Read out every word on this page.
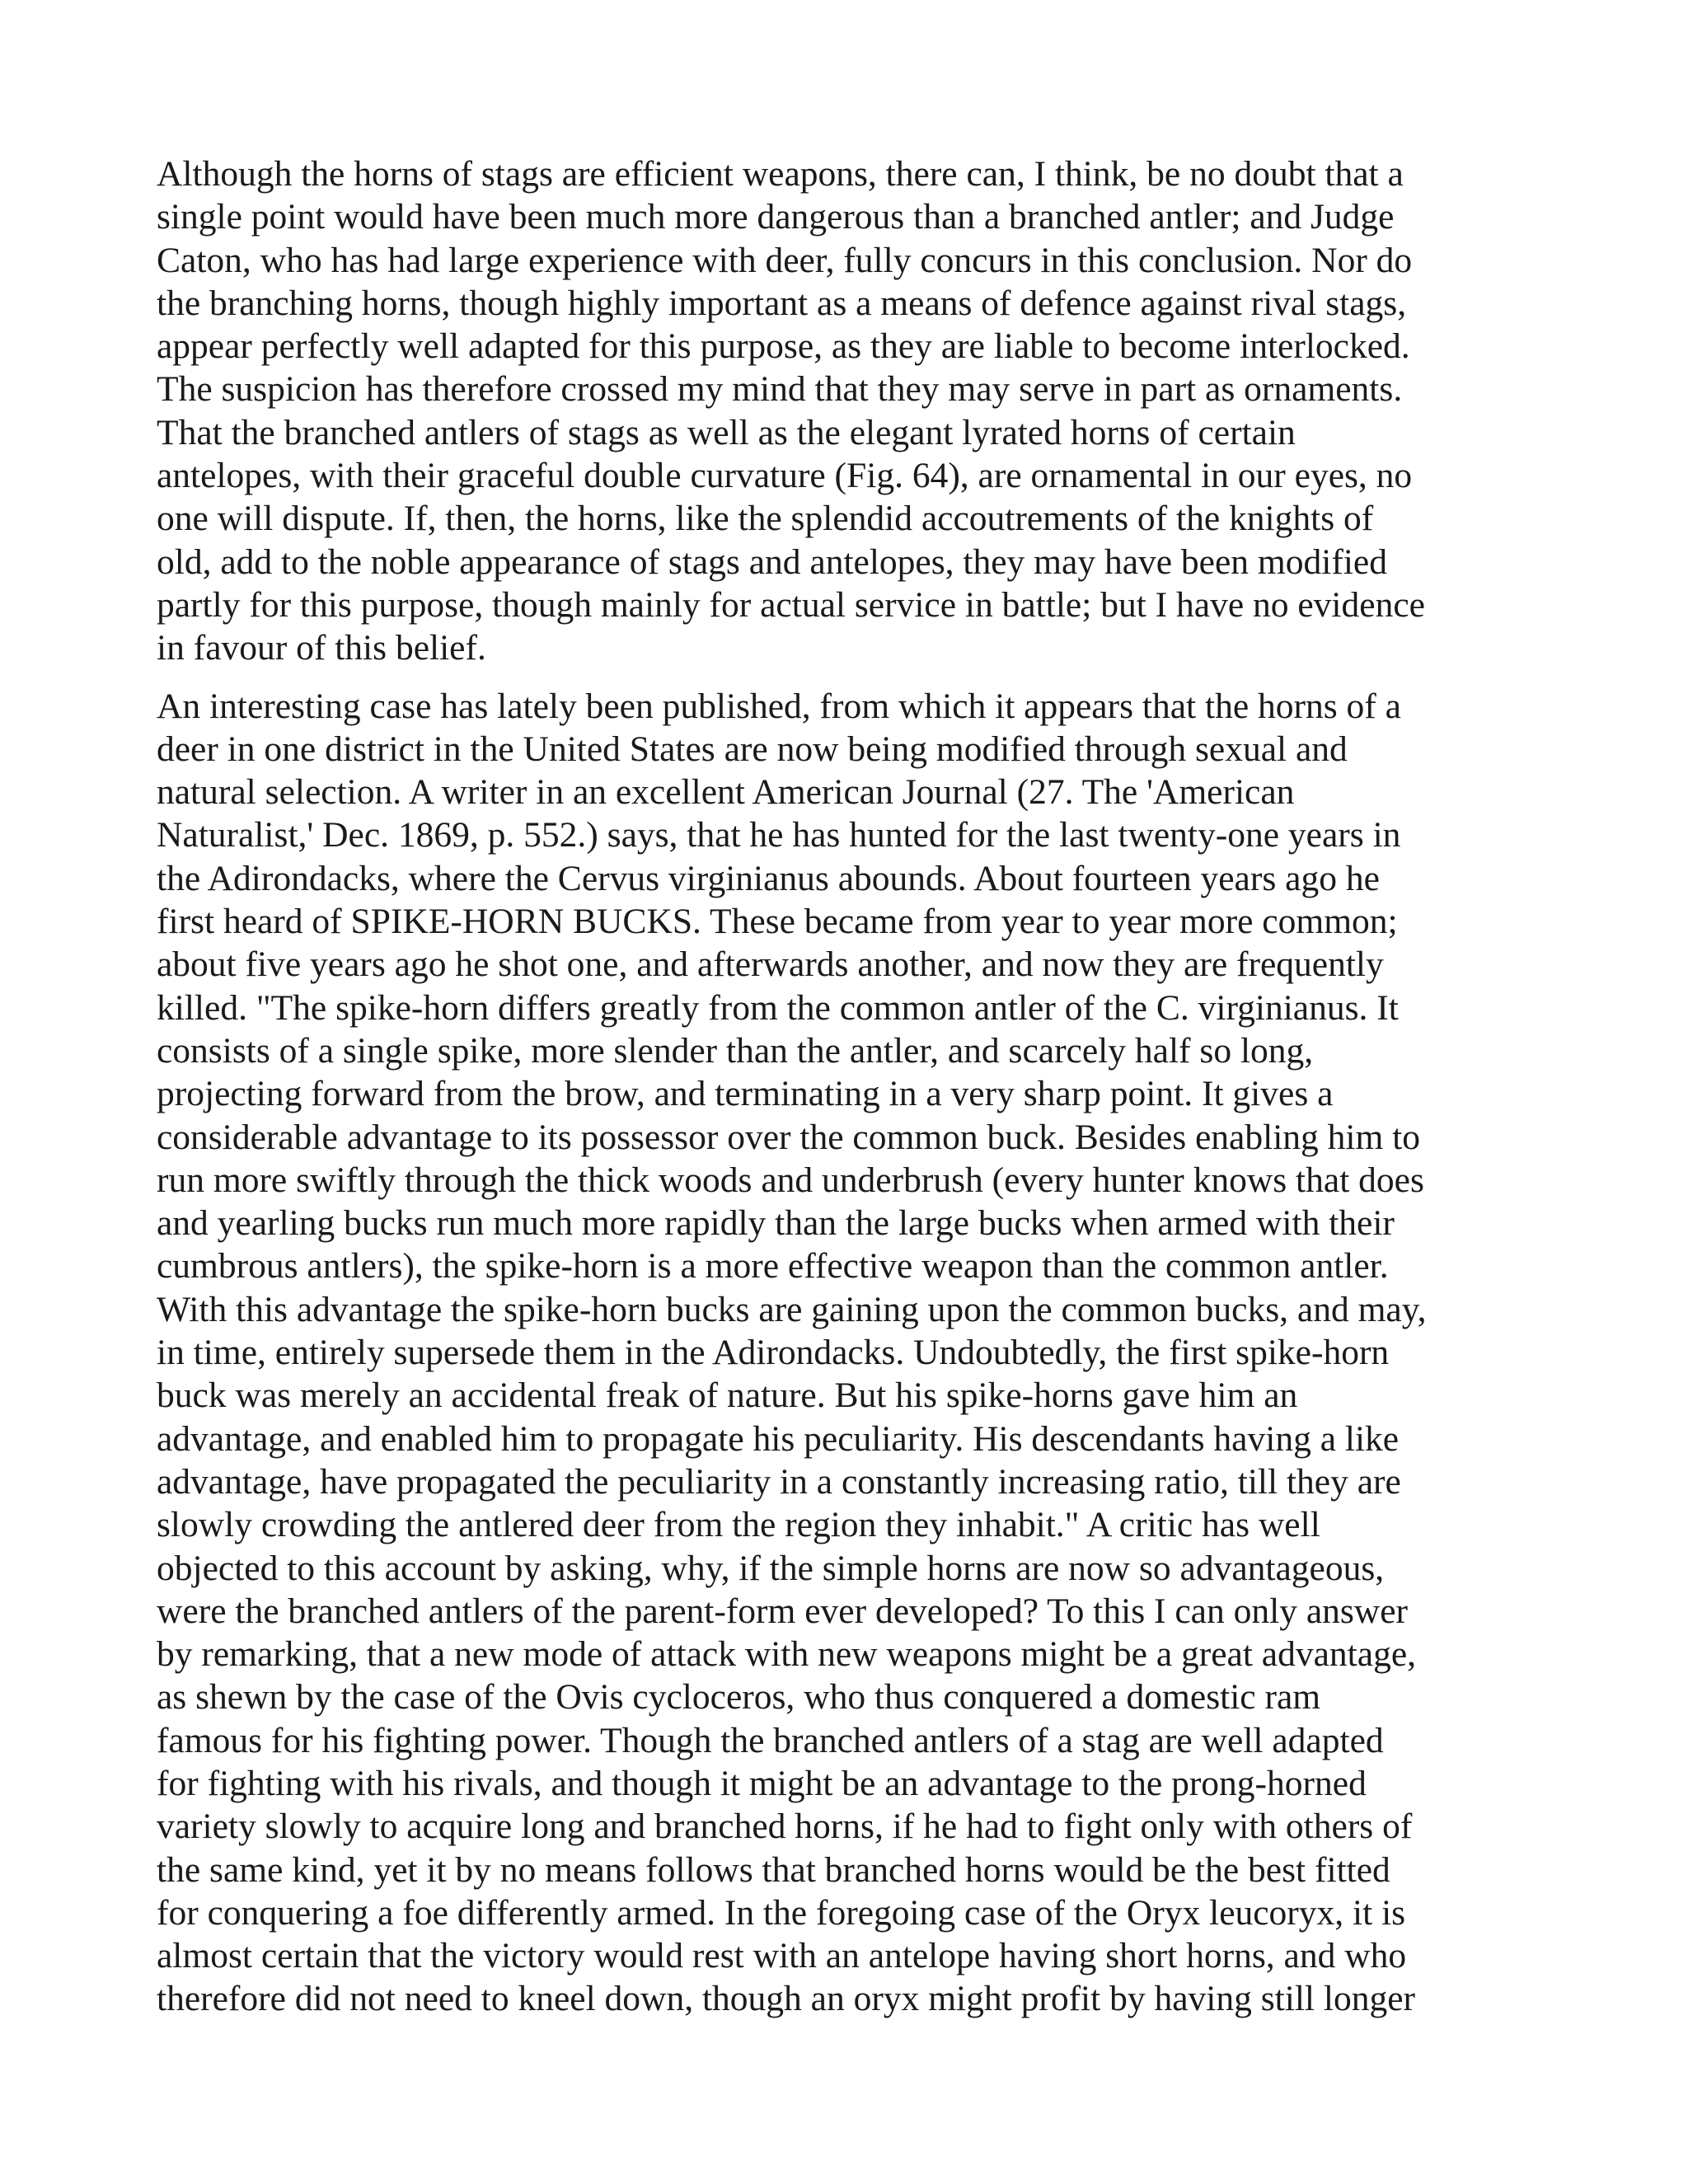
Although the horns of stags are efficient weapons, there can, I think, be no doubt that a
single point would have been much more dangerous than a branched antler; and Judge
Caton, who has had large experience with deer, fully concurs in this conclusion. Nor do
the branching horns, though highly important as a means of defence against rival stags,
appear perfectly well adapted for this purpose, as they are liable to become interlocked.
The suspicion has therefore crossed my mind that they may serve in part as ornaments.
That the branched antlers of stags as well as the elegant lyrated horns of certain
antelopes, with their graceful double curvature (Fig. 64), are ornamental in our eyes, no
one will dispute. If, then, the horns, like the splendid accoutrements of the knights of
old, add to the noble appearance of stags and antelopes, they may have been modified
partly for this purpose, though mainly for actual service in battle; but I have no evidence
in favour of this belief.

An interesting case has lately been published, from which it appears that the horns of a
deer in one district in the United States are now being modified through sexual and
natural selection. A writer in an excellent American Journal (27. The 'American
Naturalist,' Dec. 1869, p. 552.) says, that he has hunted for the last twenty-one years in
the Adirondacks, where the Cervus virginianus abounds. About fourteen years ago he
first heard of SPIKE-HORN BUCKS. These became from year to year more common;
about five years ago he shot one, and afterwards another, and now they are frequently
killed. "The spike-horn differs greatly from the common antler of the C. virginianus. It
consists of a single spike, more slender than the antler, and scarcely half so long,
projecting forward from the brow, and terminating in a very sharp point. It gives a
considerable advantage to its possessor over the common buck. Besides enabling him to
run more swiftly through the thick woods and underbrush (every hunter knows that does
and yearling bucks run much more rapidly than the large bucks when armed with their
cumbrous antlers), the spike-horn is a more effective weapon than the common antler.
With this advantage the spike-horn bucks are gaining upon the common bucks, and may,
in time, entirely supersede them in the Adirondacks. Undoubtedly, the first spike-horn
buck was merely an accidental freak of nature. But his spike-horns gave him an
advantage, and enabled him to propagate his peculiarity. His descendants having a like
advantage, have propagated the peculiarity in a constantly increasing ratio, till they are
slowly crowding the antlered deer from the region they inhabit." A critic has well
objected to this account by asking, why, if the simple horns are now so advantageous,
were the branched antlers of the parent-form ever developed? To this I can only answer
by remarking, that a new mode of attack with new weapons might be a great advantage,
as shewn by the case of the Ovis cycloceros, who thus conquered a domestic ram
famous for his fighting power. Though the branched antlers of a stag are well adapted
for fighting with his rivals, and though it might be an advantage to the prong-horned
variety slowly to acquire long and branched horns, if he had to fight only with others of
the same kind, yet it by no means follows that branched horns would be the best fitted
for conquering a foe differently armed. In the foregoing case of the Oryx leucoryx, it is
almost certain that the victory would rest with an antelope having short horns, and who
therefore did not need to kneel down, though an oryx might profit by having still longer
